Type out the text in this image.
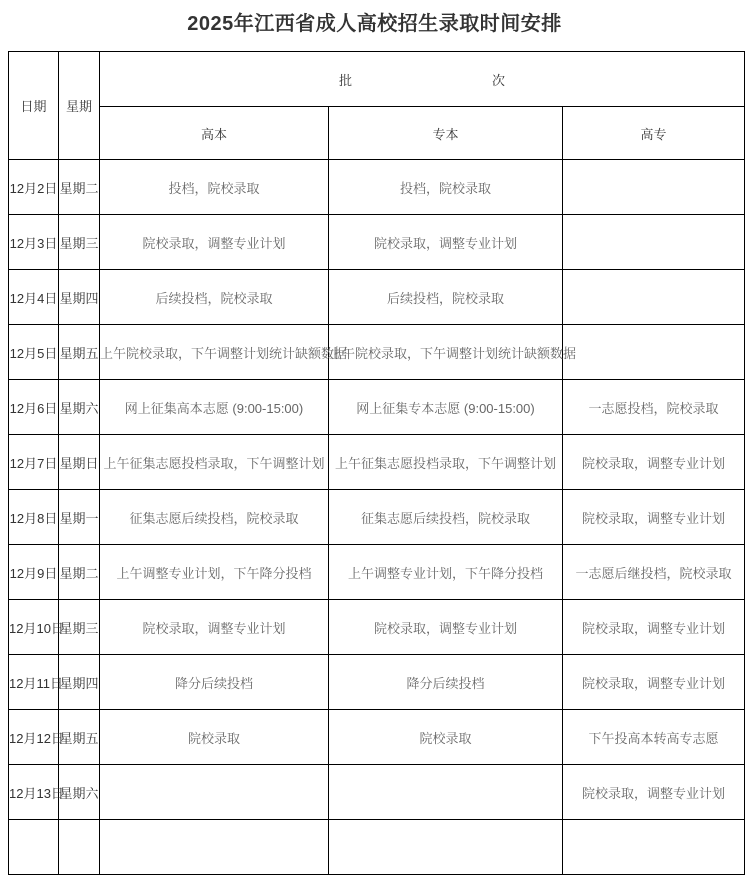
2025年江西省成人高校招生录取时间安排
日期	星期	批 次		

		高本	专本	高专
12月2日	星期二	投档，院校录取	投档，院校录取	
12月3日	星期三	院校录取，调整专业计划	院校录取，调整专业计划	
12月4日	星期四	后续投档，院校录取	后续投档，院校录取	
12月5日	星期五	上午院校录取，下午调整计划统计缺额数据	上午院校录取，下午调整计划统计缺额数据	
12月6日	星期六	网上征集高本志愿 (9:00-15:00)	网上征集专本志愿 (9:00-15:00)	一志愿投档，院校录取
12月7日	星期日	上午征集志愿投档录取，下午调整计划	上午征集志愿投档录取，下午调整计划	院校录取，调整专业计划
12月8日	星期一	征集志愿后续投档，院校录取	征集志愿后续投档，院校录取	院校录取，调整专业计划
12月9日	星期二	上午调整专业计划，下午降分投档	上午调整专业计划，下午降分投档	一志愿后继投档，院校录取
12月10日	星期三	院校录取，调整专业计划	院校录取，调整专业计划	院校录取，调整专业计划
12月11日	星期四	降分后续投档	降分后续投档	院校录取，调整专业计划
12月12日	星期五	院校录取	院校录取	下午投高本转高专志愿
12月13日	星期六			院校录取，调整专业计划
